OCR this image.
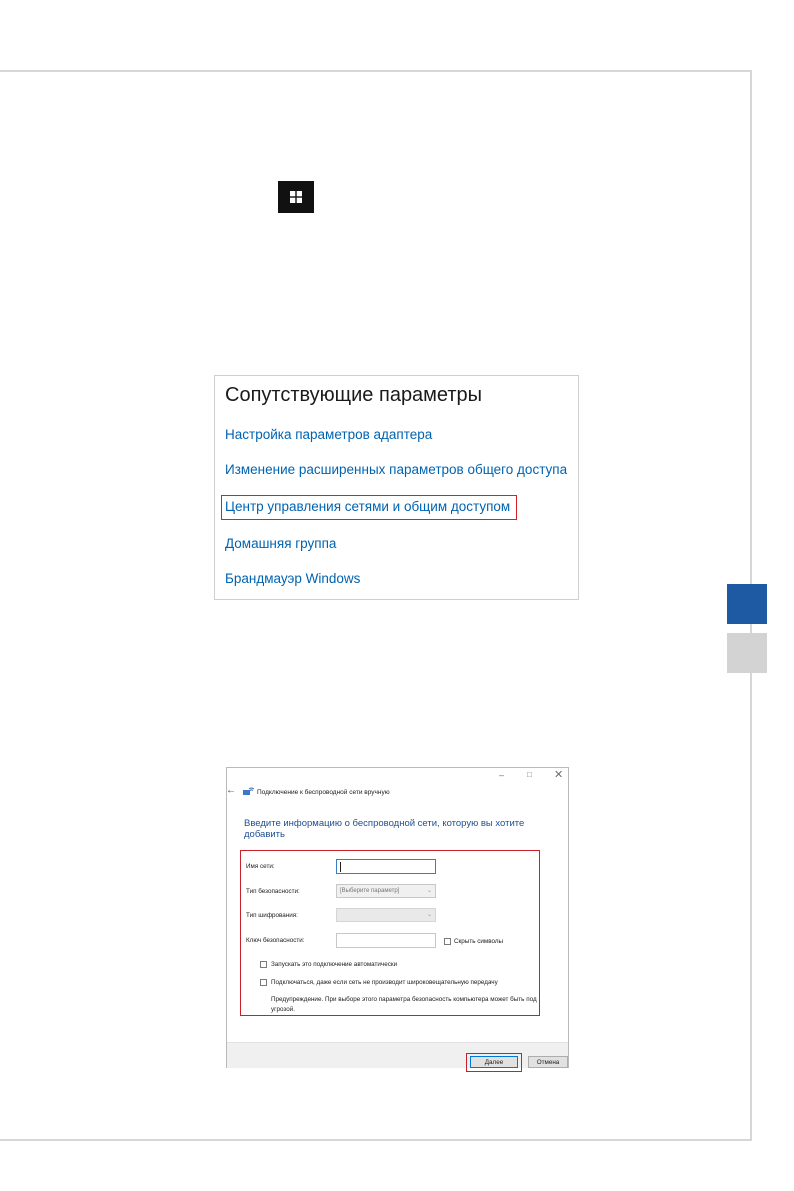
Сопутствующие параметры
Настройка параметров адаптера
Изменение расширенных параметров общего доступа
Центр управления сетями и общим доступом
Домашняя группа
Брандмауэр Windows
–	□ ✕
←	Подключение к беспроводной сети вручную
Введите информацию о беспроводной сети, которую вы хотите добавить
Имя сети:
Тип безопасности:	[Выберите параметр]	⌄
Тип шифрования:	⌄
Ключ безопасности:	Скрыть символы
Запускать это подключение автоматически
Подключаться, даже если сеть не производит широковещательную передачу
Предупреждение. При выборе этого параметра безопасность компьютера может быть под угрозой.
Далее	Отмена
